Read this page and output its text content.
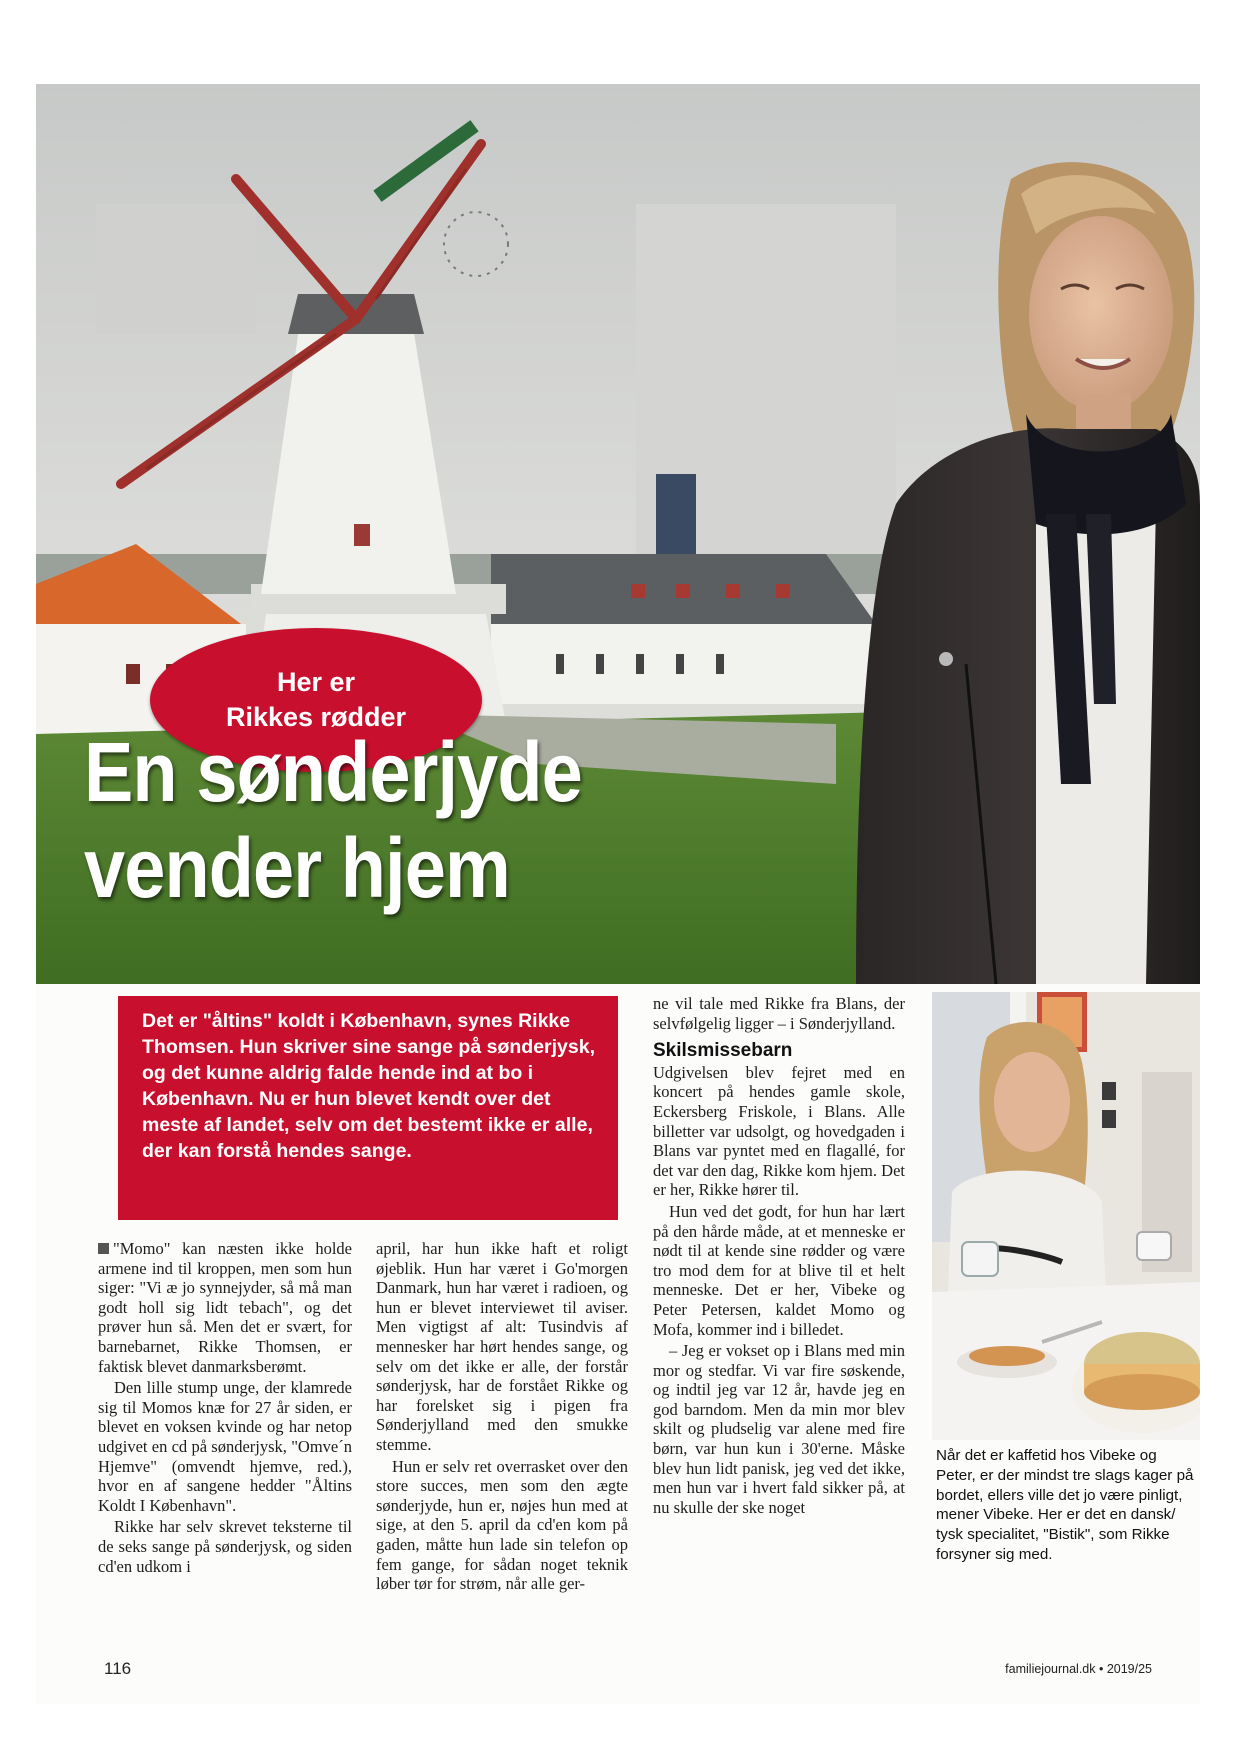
Her er
Rikkes rødder
En sønderjyde
vender hjem
Det er "åltins" koldt i København, synes Rikke Thomsen. Hun skriver sine sange på sønderjysk, og det kunne aldrig falde hende ind at bo i København. Nu er hun blevet kendt over det meste af landet, selv om det bestemt ikke er alle, der kan forstå hendes sange.

"Momo" kan næsten ikke holde armene ind til kroppen, men som hun siger: "Vi æ jo synnejyder, så må man godt holl sig lidt tebach", og det prøver hun så. Men det er svært, for barnebarnet, Rikke Thomsen, er faktisk blevet danmarksberømt.

Den lille stump unge, der klamrede sig til Momos knæ for 27 år siden, er blevet en voksen kvinde og har netop udgivet en cd på sønderjysk, "Omve´n Hjemve" (omvendt hjemve, red.), hvor en af sangene hedder "Åltins Koldt I København".

Rikke har selv skrevet teksterne til de seks sange på sønderjysk, og siden cd'en udkom i

april, har hun ikke haft et roligt øjeblik. Hun har været i Go'morgen Danmark, hun har været i radioen, og hun er blevet interviewet til aviser. Men vigtigst af alt: Tusindvis af mennesker har hørt hendes sange, og selv om det ikke er alle, der forstår sønderjysk, har de forstået Rikke og har forelsket sig i pigen fra Sønderjylland med den smukke stemme.

Hun er selv ret overrasket over den store succes, men som den ægte sønderjyde, hun er, nøjes hun med at sige, at den 5. april da cd'en kom på gaden, måtte hun lade sin telefon op fem gange, for sådan noget teknik løber tør for strøm, når alle ger-

ne vil tale med Rikke fra Blans, der selvfølgelig ligger – i Sønderjylland.

Skilsmissebarn

Udgivelsen blev fejret med en koncert på hendes gamle skole, Eckersberg Friskole, i Blans. Alle billetter var udsolgt, og hovedgaden i Blans var pyntet med en flagallé, for det var den dag, Rikke kom hjem. Det er her, Rikke hører til.

Hun ved det godt, for hun har lært på den hårde måde, at et menneske er nødt til at kende sine rødder og være tro mod dem for at blive til et helt menneske. Det er her, Vibeke og Peter Petersen, kaldet Momo og Mofa, kommer ind i billedet.

– Jeg er vokset op i Blans med min mor og stedfar. Vi var fire søskende, og indtil jeg var 12 år, havde jeg en god barndom. Men da min mor blev skilt og pludselig var alene med fire børn, var hun kun i 30'erne. Måske blev hun lidt panisk, jeg ved det ikke, men hun var i hvert fald sikker på, at nu skulle der ske noget

Når det er kaffetid hos Vibeke og Peter, er der mindst tre slags kager på bordet, ellers ville det jo være pinligt, mener Vibeke. Her er det en dansk/ tysk specialitet, "Bistik", som Rikke forsyner sig med.
116	familiejournal.dk • 2019/25
